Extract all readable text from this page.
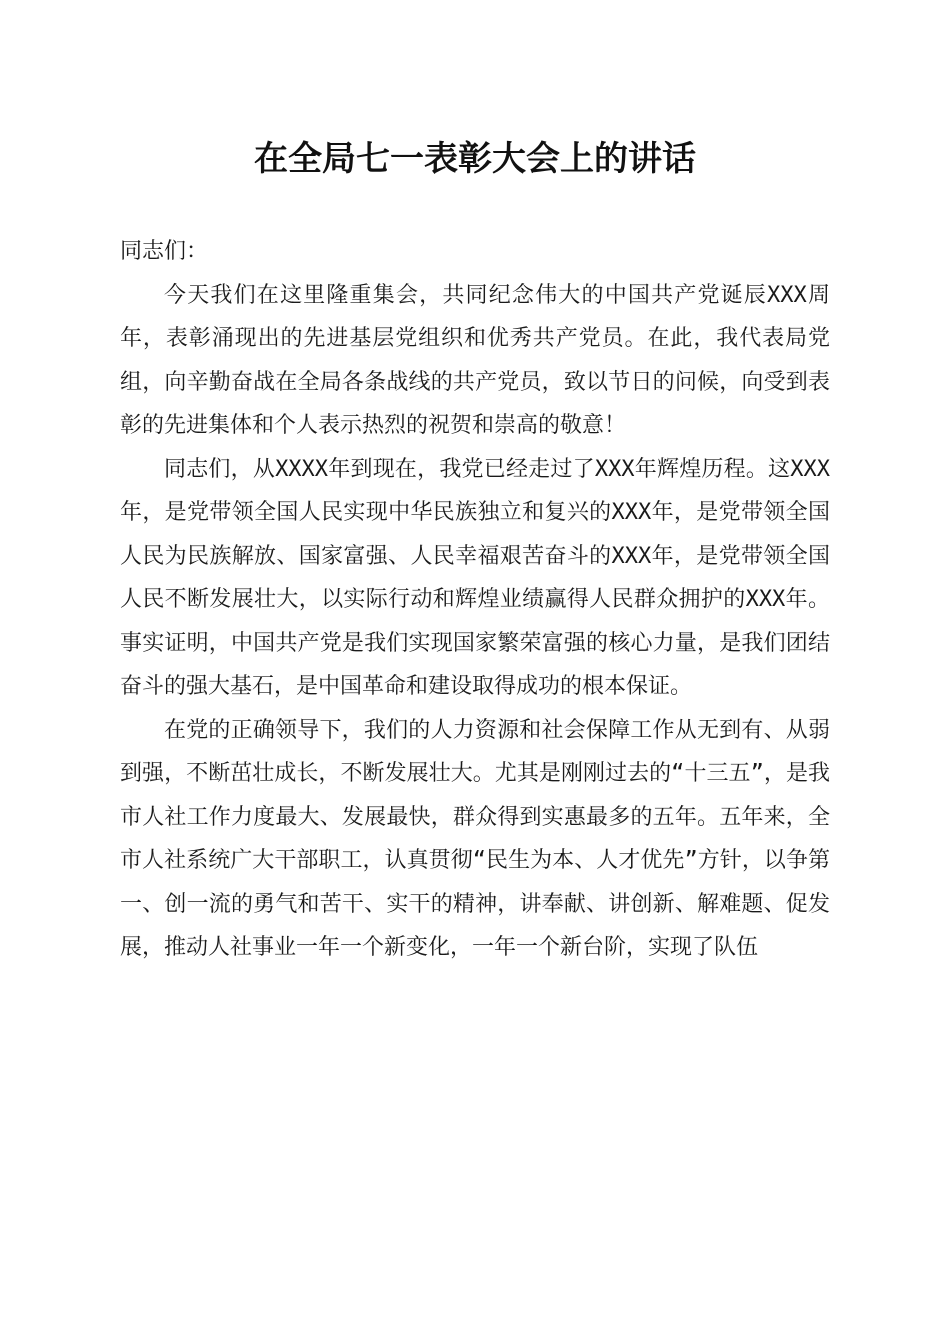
在全局七一表彰大会上的讲话

同志们：

今天我们在这里隆重集会，共同纪念伟大的中国共产党诞辰XXX周年，表彰涌现出的先进基层党组织和优秀共产党员。在此，我代表局党组，向辛勤奋战在全局各条战线的共产党员，致以节日的问候，向受到表彰的先进集体和个人表示热烈的祝贺和崇高的敬意！

同志们，从XXXX年到现在，我党已经走过了XXX年辉煌历程。这XXX年，是党带领全国人民实现中华民族独立和复兴的XXX年，是党带领全国人民为民族解放、国家富强、人民幸福艰苦奋斗的XXX年，是党带领全国人民不断发展壮大，以实际行动和辉煌业绩赢得人民群众拥护的XXX年。事实证明，中国共产党是我们实现国家繁荣富强的核心力量，是我们团结奋斗的强大基石，是中国革命和建设取得成功的根本保证。

在党的正确领导下，我们的人力资源和社会保障工作从无到有、从弱到强，不断茁壮成长，不断发展壮大。尤其是刚刚过去的“十三五”，是我市人社工作力度最大、发展最快，群众得到实惠最多的五年。五年来，全市人社系统广大干部职工，认真贯彻“民生为本、人才优先”方针，以争第一、创一流的勇气和苦干、实干的精神，讲奉献、讲创新、解难题、促发展，推动人社事业一年一个新变化，一年一个新台阶，实现了队伍
